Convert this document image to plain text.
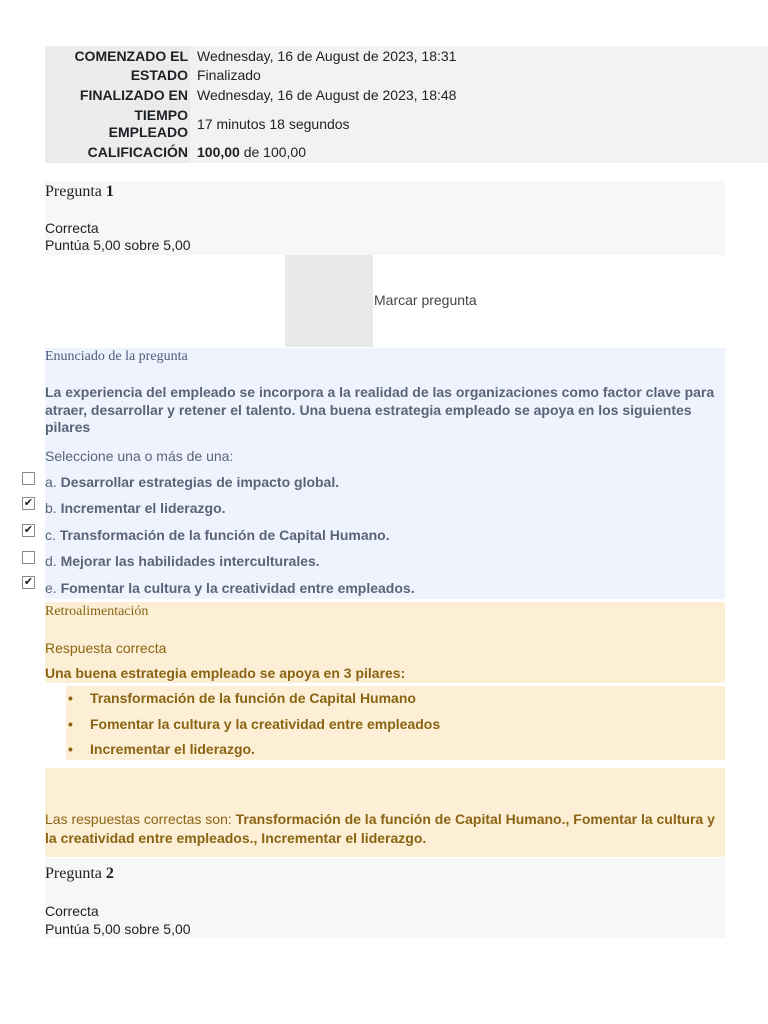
COMENZADO EL Wednesday, 16 de August de 2023, 18:31
ESTADO Finalizado
FINALIZADO EN Wednesday, 16 de August de 2023, 18:48
TIEMPO
EMPLEADO 17 minutos 18 segundos
CALIFICACIÓN 100,00 de 100,00
Pregunta 1
Correcta
Puntúa 5,00 sobre 5,00
Marcar pregunta
Enunciado de la pregunta
La experiencia del empleado se incorpora a la realidad de las organizaciones como factor clave para atraer, desarrollar y retener el talento. Una buena estrategia empleado se apoya en los siguientes pilares
Seleccione una o más de una:
a. Desarrollar estrategias de impacto global.
b. Incrementar el liderazgo.
c. Transformación de la función de Capital Humano.
d. Mejorar las habilidades interculturales.
e. Fomentar la cultura y la creatividad entre empleados.
✔
✔
✔
Retroalimentación
Respuesta correcta
Una buena estrategia empleado se apoya en 3 pilares:
• Transformación de la función de Capital Humano
• Fomentar la cultura y la creatividad entre empleados
• Incrementar el liderazgo.

Las respuestas correctas son: Transformación de la función de Capital Humano., Fomentar la cultura y la creatividad entre empleados., Incrementar el liderazgo.

Pregunta 2
Correcta
Puntúa 5,00 sobre 5,00
